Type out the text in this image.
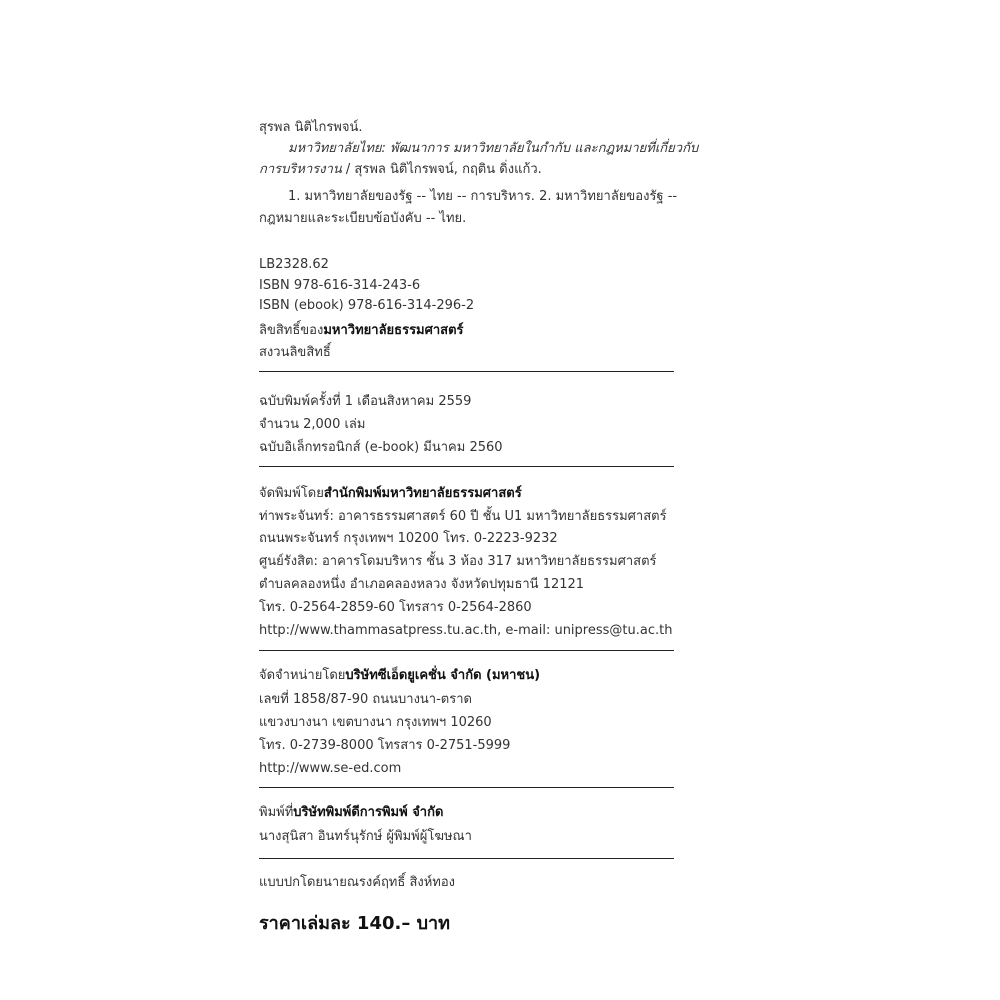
สุรพล นิติไกรพจน์.
มหาวิทยาลัยไทย: พัฒนาการ มหาวิทยาลัยในกำกับ และกฎหมายที่เกี่ยวกับ
การบริหารงาน / สุรพล นิติไกรพจน์, กฤติน ดิ่งแก้ว.
1. มหาวิทยาลัยของรัฐ -- ไทย -- การบริหาร. 2. มหาวิทยาลัยของรัฐ --
กฎหมายและระเบียบข้อบังคับ -- ไทย.
LB2328.62
ISBN 978-616-314-243-6
ISBN (ebook) 978-616-314-296-2
ลิขสิทธิ์ของมหาวิทยาลัยธรรมศาสตร์
สงวนลิขสิทธิ์
ฉบับพิมพ์ครั้งที่ 1 เดือนสิงหาคม 2559
จำนวน 2,000 เล่ม
ฉบับอิเล็กทรอนิกส์ (e-book) มีนาคม 2560
จัดพิมพ์โดยสำนักพิมพ์มหาวิทยาลัยธรรมศาสตร์
ท่าพระจันทร์: อาคารธรรมศาสตร์ 60 ปี ชั้น U1 มหาวิทยาลัยธรรมศาสตร์
ถนนพระจันทร์ กรุงเทพฯ 10200 โทร. 0-2223-9232
ศูนย์รังสิต: อาคารโดมบริหาร ชั้น 3 ห้อง 317 มหาวิทยาลัยธรรมศาสตร์
ตำบลคลองหนึ่ง อำเภอคลองหลวง จังหวัดปทุมธานี 12121
โทร. 0-2564-2859-60 โทรสาร 0-2564-2860
http://www.thammasatpress.tu.ac.th, e-mail: unipress@tu.ac.th
จัดจำหน่ายโดยบริษัทซีเอ็ดยูเคชั่น จำกัด (มหาชน)
เลขที่ 1858/87-90 ถนนบางนา-ตราด
แขวงบางนา เขตบางนา กรุงเทพฯ 10260
โทร. 0-2739-8000 โทรสาร 0-2751-5999
http://www.se-ed.com
พิมพ์ที่บริษัทพิมพ์ดีการพิมพ์ จำกัด
นางสุนิสา อินทร์นุรักษ์ ผู้พิมพ์ผู้โฆษณา
แบบปกโดยนายณรงค์ฤทธิ์ สิงห์ทอง
ราคาเล่มละ 140.– บาท
